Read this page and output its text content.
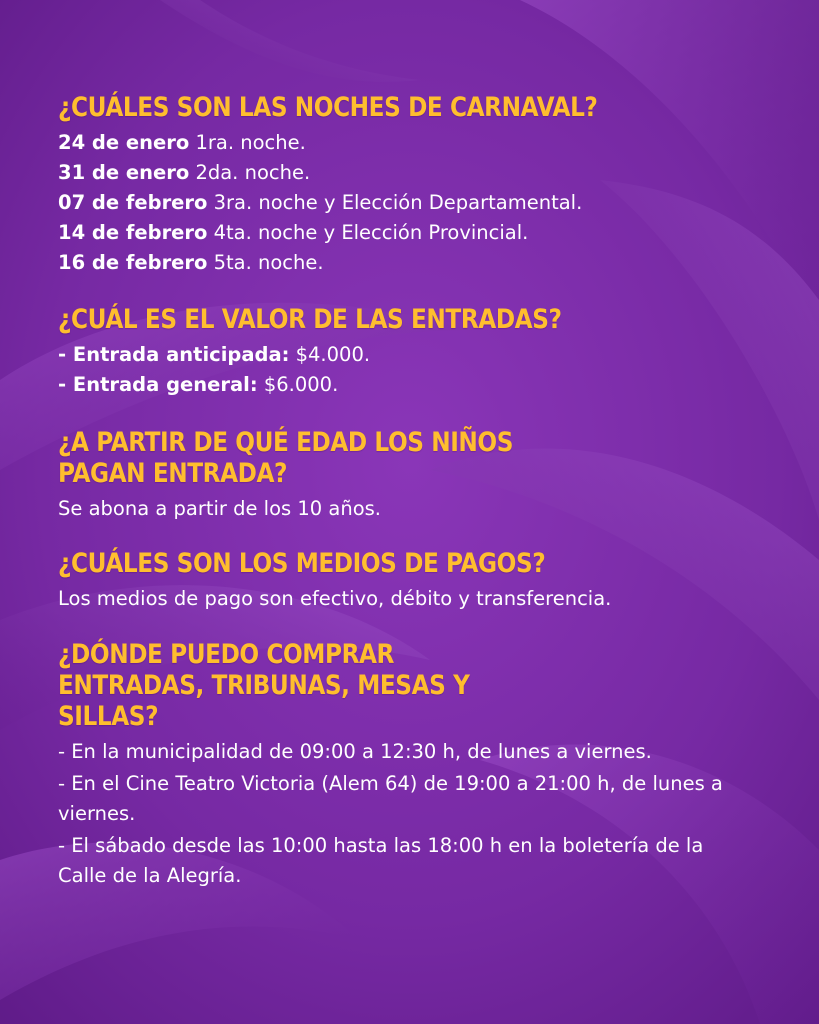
¿CUÁLES SON LAS NOCHES DE CARNAVAL?
24 de enero 1ra. noche.
31 de enero 2da. noche.
07 de febrero 3ra. noche y Elección Departamental.
14 de febrero 4ta. noche y Elección Provincial.
16 de febrero 5ta. noche.
¿CUÁL ES EL VALOR DE LAS ENTRADAS?
- Entrada anticipada: $4.000.
- Entrada general: $6.000.
¿A PARTIR DE QUÉ EDAD LOS NIÑOS PAGAN ENTRADA?
Se abona a partir de los 10 años.
¿CUÁLES SON LOS MEDIOS DE PAGOS?
Los medios de pago son efectivo, débito y transferencia.
¿DÓNDE PUEDO COMPRAR ENTRADAS, TRIBUNAS, MESAS Y SILLAS?
- En la municipalidad de 09:00 a 12:30 h, de lunes a viernes.
- En el Cine Teatro Victoria (Alem 64) de 19:00 a 21:00 h, de lunes a viernes.
- El sábado desde las 10:00 hasta las 18:00 h en la boletería de la Calle de la Alegría.
